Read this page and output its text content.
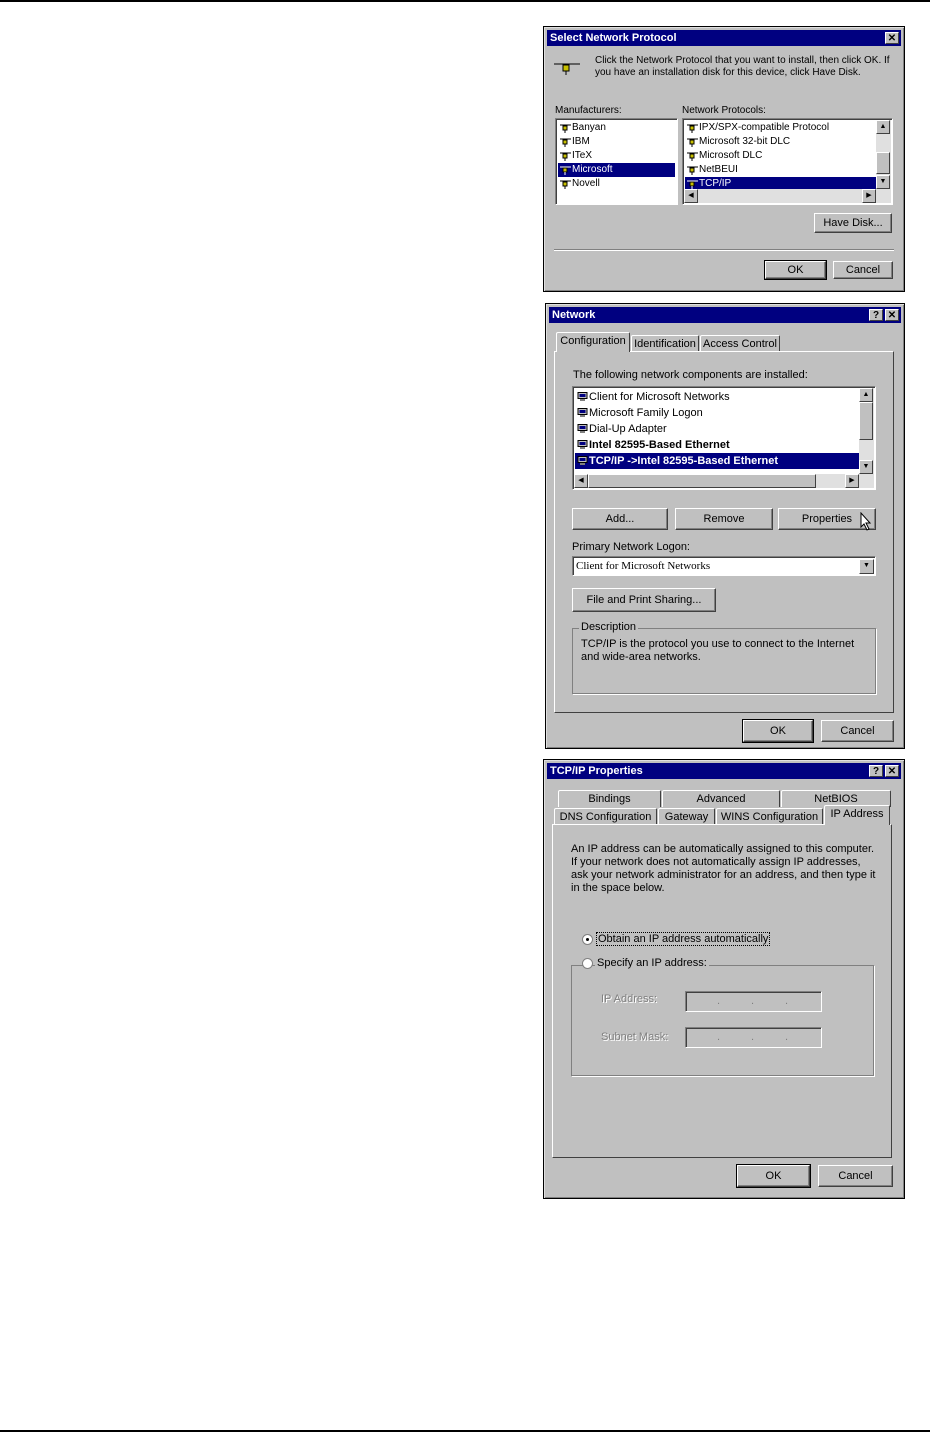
Select Network Protocol	✕
Click the Network Protocol that you want to install, then click OK. If you have an installation disk for this device, click Have Disk.
Manufacturers:
Banyan
IBM
ITeX
Microsoft
Novell
Network Protocols:
IPX/SPX-compatible Protocol
Microsoft 32-bit DLC
Microsoft DLC
NetBEUI
TCP/IP
▲
▼
◀	▶
Have Disk...
OK	Cancel
Network	? ✕
Configuration Identification Access Control
The following network components are installed:
Client for Microsoft Networks
Microsoft Family Logon
Dial-Up Adapter
Intel 82595-Based Ethernet
TCP/IP ->Intel 82595-Based Ethernet
▲
▼
◀	▶
Add...	Remove	Properties
Primary Network Logon:
Client for Microsoft Networks	▼
File and Print Sharing...
Description
TCP/IP is the protocol you use to connect to the Internet and wide-area networks.
OK	Cancel
TCP/IP Properties	? ✕
Bindings	Advanced	NetBIOS
DNS Configuration	Gateway	WINS Configuration	IP Address
An IP address can be automatically assigned to this computer. If your network does not automatically assign IP addresses, ask your network administrator for an address, and then type it in the space below.
Obtain an IP address automatically
Specify an IP address:
IP Address:	.	.	.
Subnet Mask:	.	.	.
OK	Cancel
